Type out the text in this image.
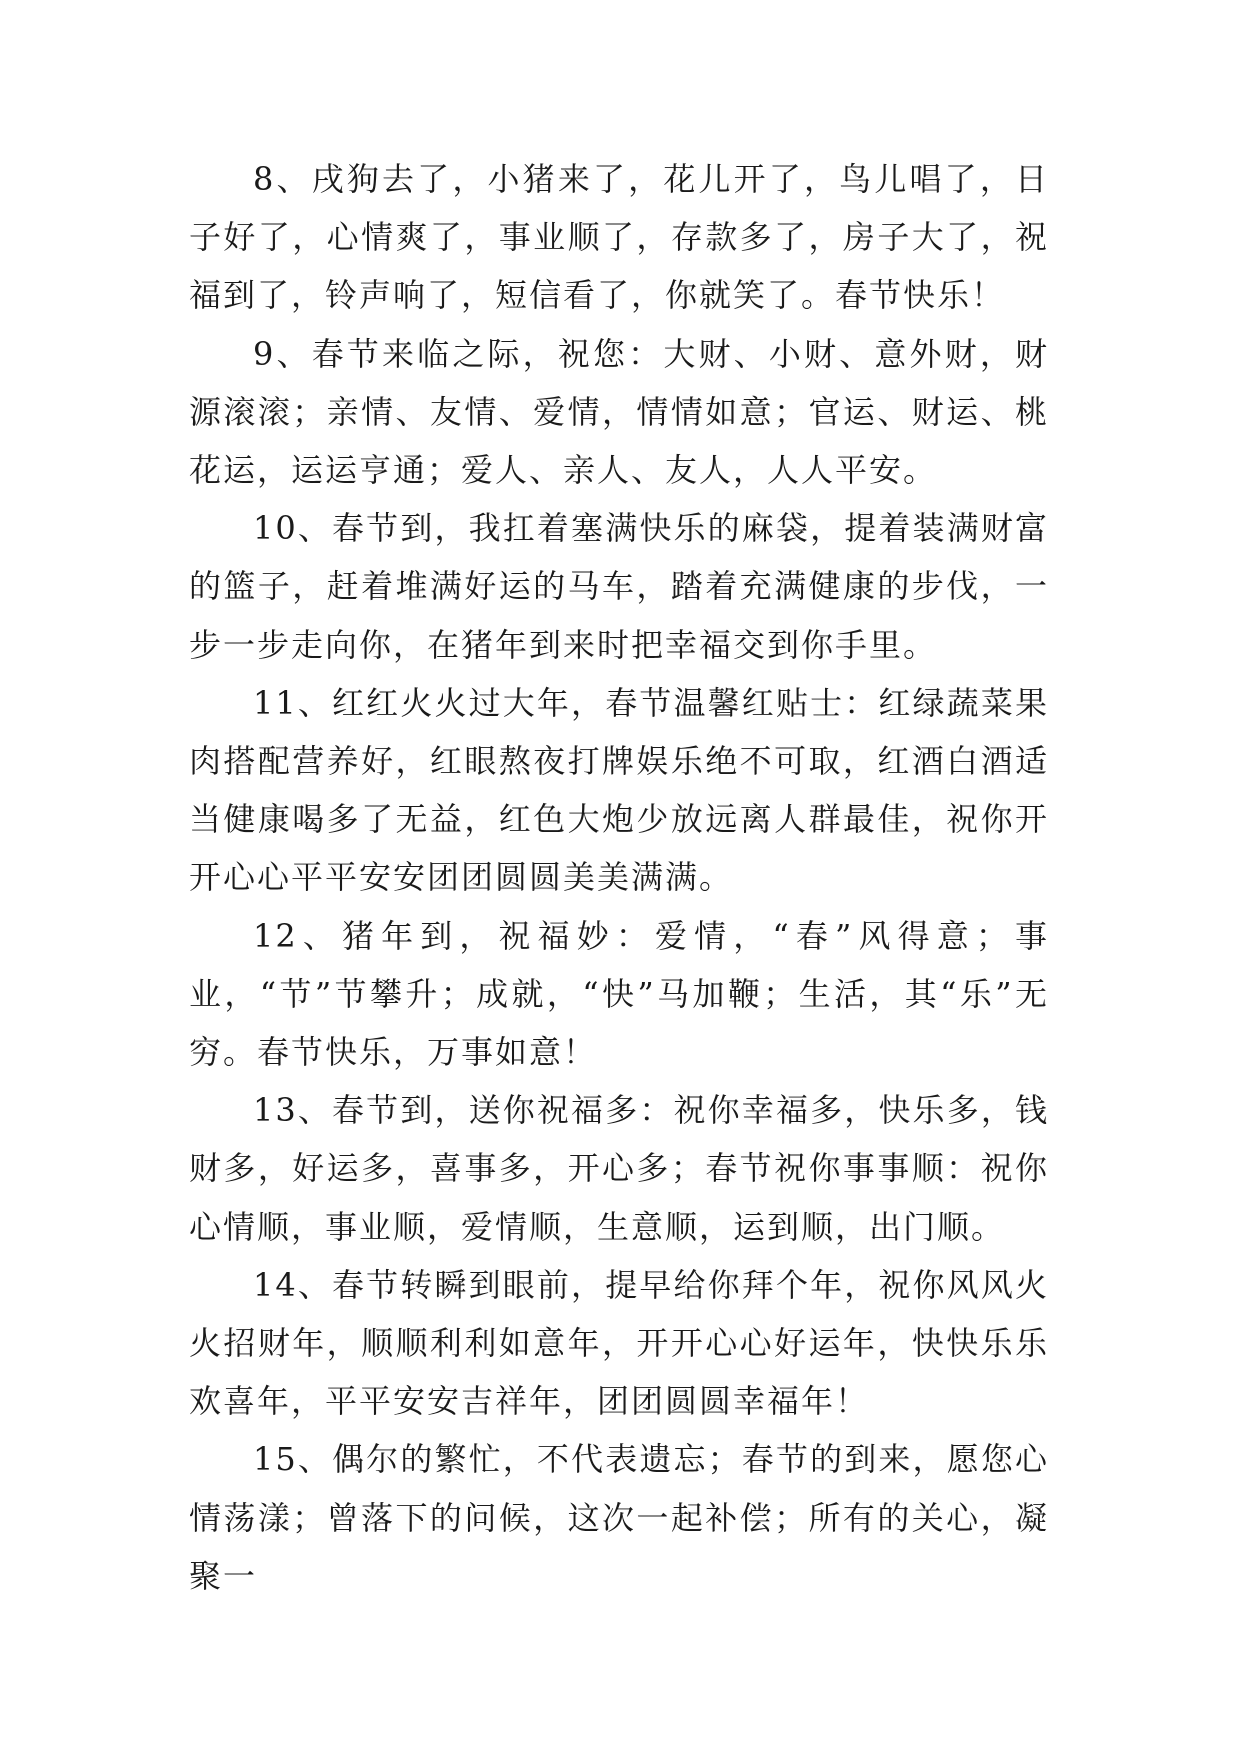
8、戌狗去了，小猪来了，花儿开了，鸟儿唱了，日子好了，心情爽了，事业顺了，存款多了，房子大了，祝福到了，铃声响了，短信看了，你就笑了。春节快乐！

9、春节来临之际，祝您：大财、小财、意外财，财源滚滚；亲情、友情、爱情，情情如意；官运、财运、桃花运，运运亨通；爱人、亲人、友人，人人平安。

10、春节到，我扛着塞满快乐的麻袋，提着装满财富的篮子，赶着堆满好运的马车，踏着充满健康的步伐，一步一步走向你，在猪年到来时把幸福交到你手里。

11、红红火火过大年，春节温馨红贴士：红绿蔬菜果肉搭配营养好，红眼熬夜打牌娱乐绝不可取，红酒白酒适当健康喝多了无益，红色大炮少放远离人群最佳，祝你开开心心平平安安团团圆圆美美满满。

12、猪年到，祝福妙：爱情，“春”风得意；事业，“节”节攀升；成就，“快”马加鞭；生活，其“乐”无穷。春节快乐，万事如意！

13、春节到，送你祝福多：祝你幸福多，快乐多，钱财多，好运多，喜事多，开心多；春节祝你事事顺：祝你心情顺，事业顺，爱情顺，生意顺，运到顺，出门顺。

14、春节转瞬到眼前，提早给你拜个年，祝你风风火火招财年，顺顺利利如意年，开开心心好运年，快快乐乐欢喜年，平平安安吉祥年，团团圆圆幸福年！

15、偶尔的繁忙，不代表遗忘；春节的到来，愿您心情荡漾；曾落下的问候，这次一起补偿；所有的关心，凝聚一
